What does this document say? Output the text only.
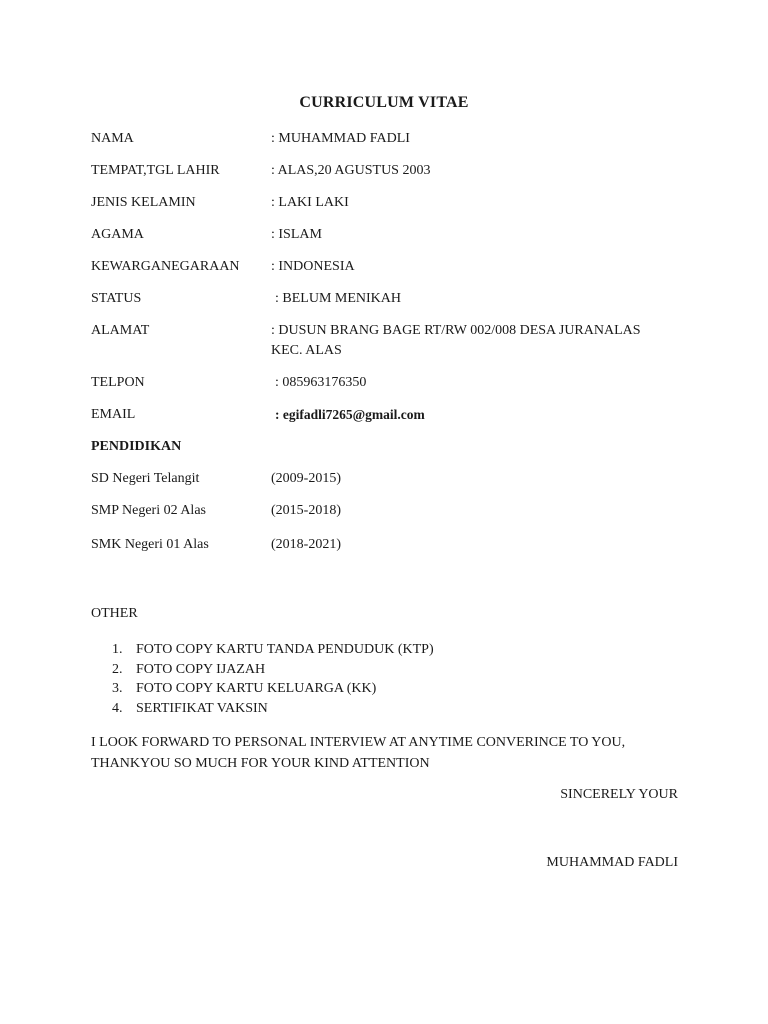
CURRICULUM VITAE
NAMA	: MUHAMMAD FADLI
TEMPAT,TGL LAHIR	: ALAS,20 AGUSTUS 2003
JENIS KELAMIN	: LAKI LAKI
AGAMA	: ISLAM
KEWARGANEGARAAN : INDONESIA
STATUS	: BELUM MENIKAH
ALAMAT	: DUSUN BRANG BAGE RT/RW 002/008 DESA JURANALAS KEC. ALAS
TELPON	: 085963176350
EMAIL	: egifadli7265@gmail.com
PENDIDIKAN
SD Negeri Telangit	(2009-2015)
SMP Negeri 02 Alas	(2015-2018)
SMK Negeri 01 Alas	(2018-2021)
OTHER
1. FOTO COPY KARTU TANDA PENDUDUK (KTP)
2. FOTO COPY IJAZAH
3. FOTO COPY KARTU KELUARGA (KK)
4. SERTIFIKAT VAKSIN
I LOOK FORWARD TO PERSONAL INTERVIEW AT ANYTIME CONVERINCE TO YOU, THANKYOU SO MUCH FOR YOUR KIND ATTENTION
SINCERELY YOUR
MUHAMMAD FADLI
